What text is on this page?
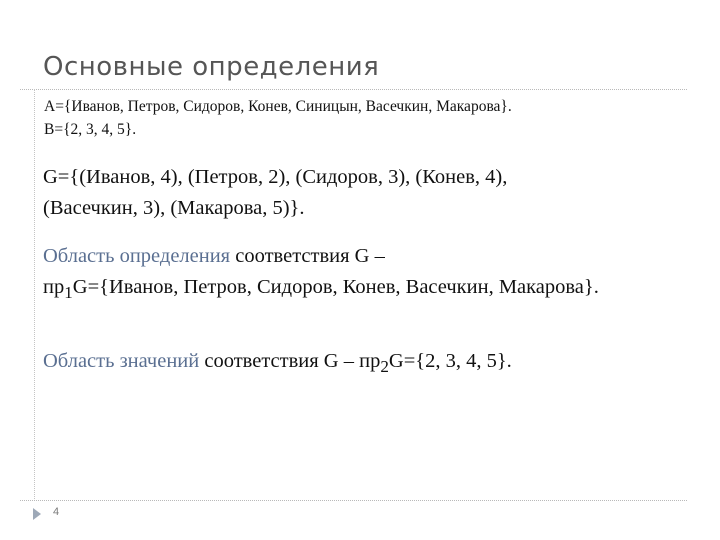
Основные определения
A={Иванов, Петров, Сидоров, Конев, Синицын, Васечкин, Макарова}.
B={2, 3, 4, 5}.
G={(Иванов, 4), (Петров, 2), (Сидоров, 3), (Конев, 4),
(Васечкин, 3), (Макарова, 5)}.
Область определения соответствия G –
$пр_1G=\{Иванов$, Петров, Сидоров, Конев, Васечкин, Макарова}.
Область значений соответствия $G - пр_2G=\{2$, 3, 4, 5}.
4
